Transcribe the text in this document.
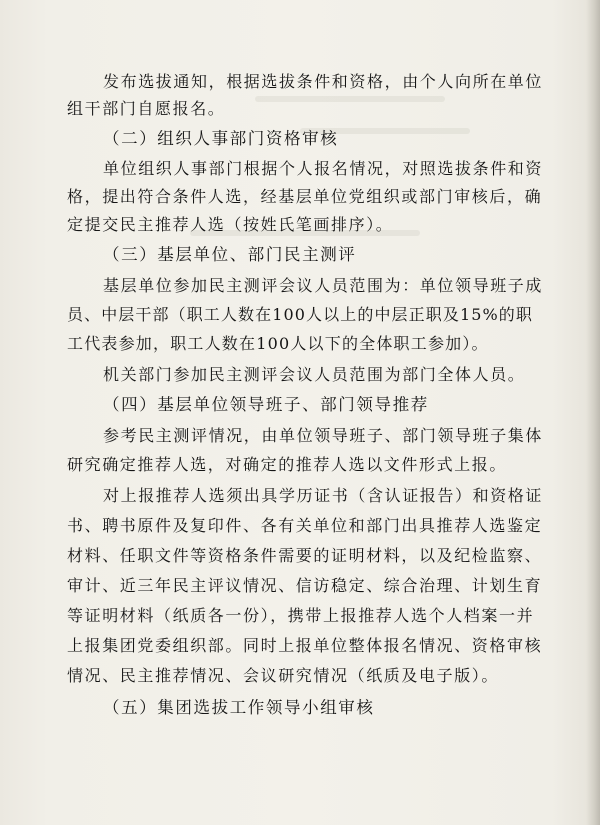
发布选拔通知，根据选拔条件和资格，由个人向所在单位
组干部门自愿报名。
（二）组织人事部门资格审核
单位组织人事部门根据个人报名情况，对照选拔条件和资
格，提出符合条件人选，经基层单位党组织或部门审核后，确
定提交民主推荐人选（按姓氏笔画排序）。
（三）基层单位、部门民主测评
基层单位参加民主测评会议人员范围为：单位领导班子成
员、中层干部（职工人数在100人以上的中层正职及15%的职
工代表参加，职工人数在100人以下的全体职工参加）。
机关部门参加民主测评会议人员范围为部门全体人员。
（四）基层单位领导班子、部门领导推荐
参考民主测评情况，由单位领导班子、部门领导班子集体
研究确定推荐人选，对确定的推荐人选以文件形式上报。
对上报推荐人选须出具学历证书（含认证报告）和资格证
书、聘书原件及复印件、各有关单位和部门出具推荐人选鉴定
材料、任职文件等资格条件需要的证明材料，以及纪检监察、
审计、近三年民主评议情况、信访稳定、综合治理、计划生育
等证明材料（纸质各一份），携带上报推荐人选个人档案一并
上报集团党委组织部。同时上报单位整体报名情况、资格审核
情况、民主推荐情况、会议研究情况（纸质及电子版）。
（五）集团选拔工作领导小组审核
